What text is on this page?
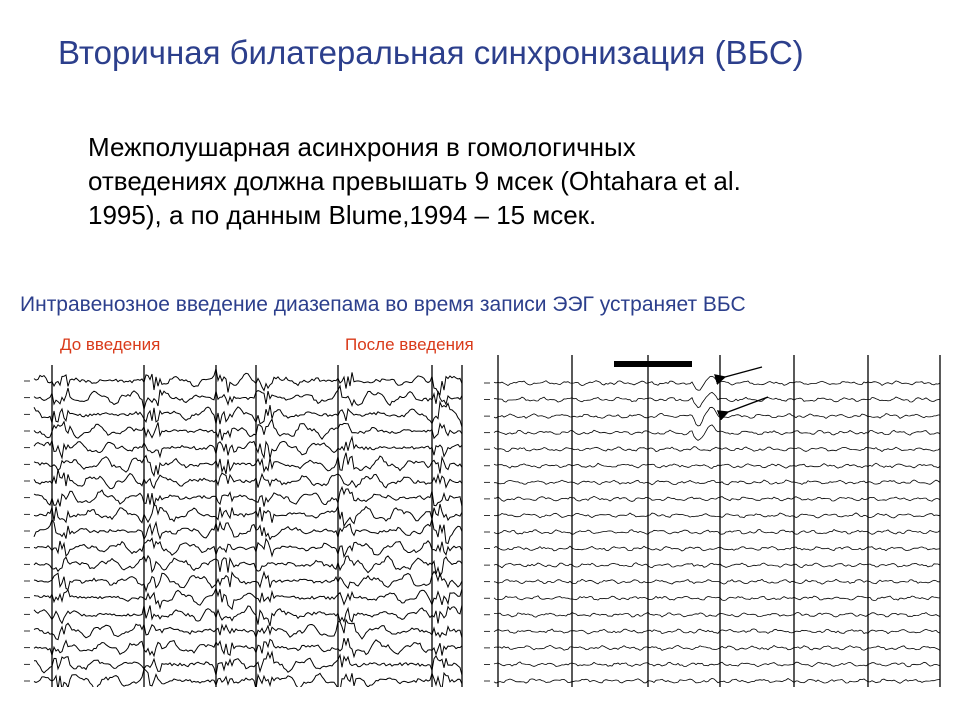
Вторичная билатеральная синхронизация (ВБС)
Межполушарная асинхрония в гомологичных
отведениях должна превышать 9 мсек (Ohtahara et al.
1995), а по данным Blume,1994 – 15 мсек.
Интравенозное введение диазепама во время записи ЭЭГ устраняет ВБС
До введения	После введения
